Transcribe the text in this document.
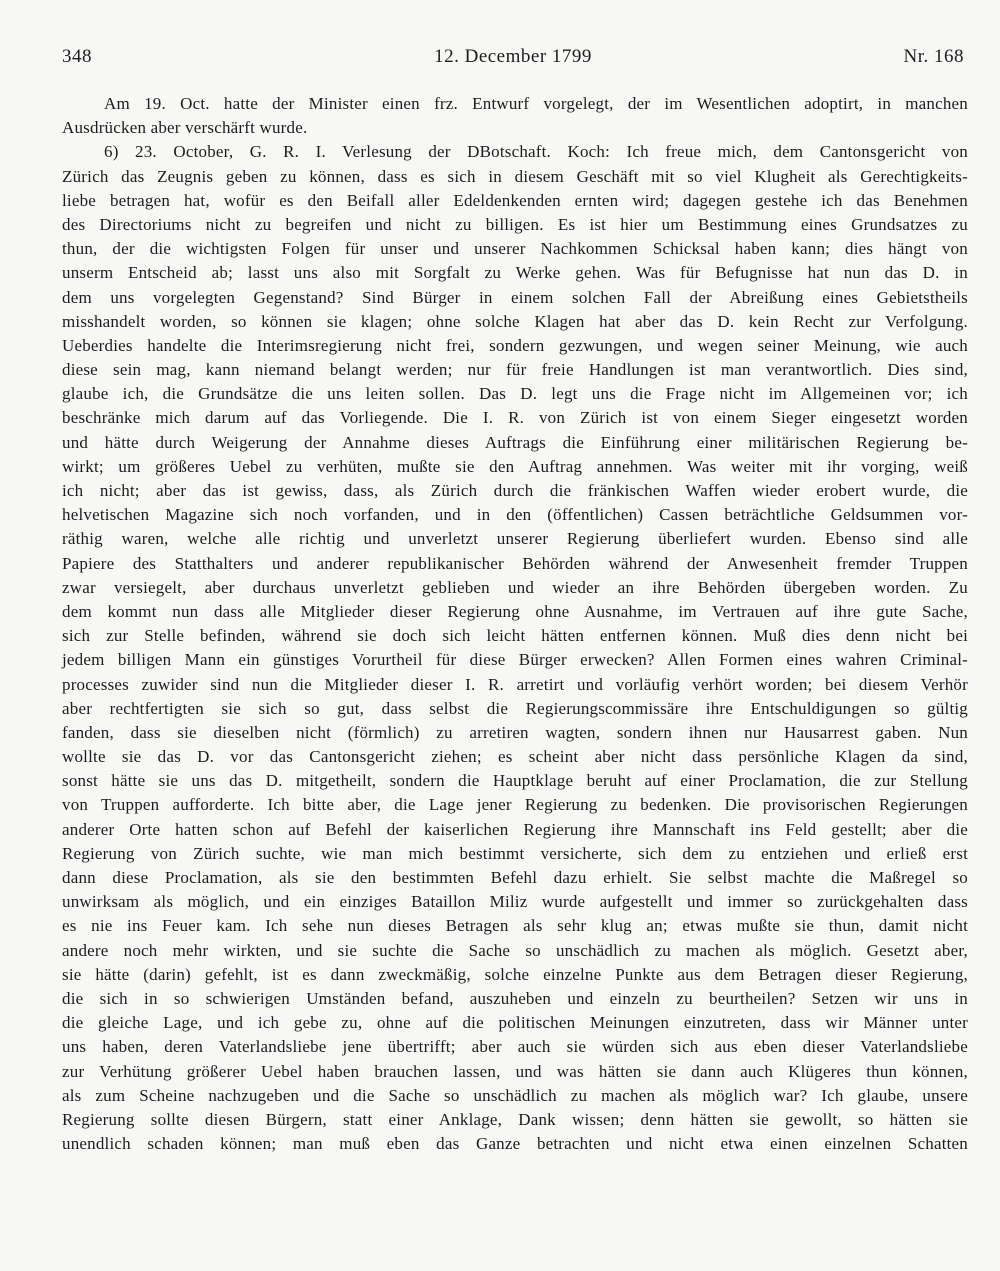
348	12. December 1799	Nr. 168
Am 19. Oct. hatte der Minister einen frz. Entwurf vorgelegt, der im Wesentlichen adoptirt, in manchen
Ausdrücken aber verschärft wurde.
6) 23. October, G. R. I. Verlesung der DBotschaft. Koch: Ich freue mich, dem Cantonsgericht von
Zürich das Zeugnis geben zu können, dass es sich in diesem Geschäft mit so viel Klugheit als Gerechtigkeits-
liebe betragen hat, wofür es den Beifall aller Edeldenkenden ernten wird; dagegen gestehe ich das Benehmen
des Directoriums nicht zu begreifen und nicht zu billigen. Es ist hier um Bestimmung eines Grundsatzes zu
thun, der die wichtigsten Folgen für unser und unserer Nachkommen Schicksal haben kann; dies hängt von
unserm Entscheid ab; lasst uns also mit Sorgfalt zu Werke gehen. Was für Befugnisse hat nun das D. in
dem uns vorgelegten Gegenstand? Sind Bürger in einem solchen Fall der Abreißung eines Gebietstheils
misshandelt worden, so können sie klagen; ohne solche Klagen hat aber das D. kein Recht zur Verfolgung.
Ueberdies handelte die Interimsregierung nicht frei, sondern gezwungen, und wegen seiner Meinung, wie auch
diese sein mag, kann niemand belangt werden; nur für freie Handlungen ist man verantwortlich. Dies sind,
glaube ich, die Grundsätze die uns leiten sollen. Das D. legt uns die Frage nicht im Allgemeinen vor; ich
beschränke mich darum auf das Vorliegende. Die I. R. von Zürich ist von einem Sieger eingesetzt worden
und hätte durch Weigerung der Annahme dieses Auftrags die Einführung einer militärischen Regierung be-
wirkt; um größeres Uebel zu verhüten, mußte sie den Auftrag annehmen. Was weiter mit ihr vorging, weiß
ich nicht; aber das ist gewiss, dass, als Zürich durch die fränkischen Waffen wieder erobert wurde, die
helvetischen Magazine sich noch vorfanden, und in den (öffentlichen) Cassen beträchtliche Geldsummen vor-
räthig waren, welche alle richtig und unverletzt unserer Regierung überliefert wurden. Ebenso sind alle
Papiere des Statthalters und anderer republikanischer Behörden während der Anwesenheit fremder Truppen
zwar versiegelt, aber durchaus unverletzt geblieben und wieder an ihre Behörden übergeben worden. Zu
dem kommt nun dass alle Mitglieder dieser Regierung ohne Ausnahme, im Vertrauen auf ihre gute Sache,
sich zur Stelle befinden, während sie doch sich leicht hätten entfernen können. Muß dies denn nicht bei
jedem billigen Mann ein günstiges Vorurtheil für diese Bürger erwecken? Allen Formen eines wahren Criminal-
processes zuwider sind nun die Mitglieder dieser I. R. arretirt und vorläufig verhört worden; bei diesem Verhör
aber rechtfertigten sie sich so gut, dass selbst die Regierungscommissäre ihre Entschuldigungen so gültig
fanden, dass sie dieselben nicht (förmlich) zu arretiren wagten, sondern ihnen nur Hausarrest gaben. Nun
wollte sie das D. vor das Cantonsgericht ziehen; es scheint aber nicht dass persönliche Klagen da sind,
sonst hätte sie uns das D. mitgetheilt, sondern die Hauptklage beruht auf einer Proclamation, die zur Stellung
von Truppen aufforderte. Ich bitte aber, die Lage jener Regierung zu bedenken. Die provisorischen Regierungen
anderer Orte hatten schon auf Befehl der kaiserlichen Regierung ihre Mannschaft ins Feld gestellt; aber die
Regierung von Zürich suchte, wie man mich bestimmt versicherte, sich dem zu entziehen und erließ erst
dann diese Proclamation, als sie den bestimmten Befehl dazu erhielt. Sie selbst machte die Maßregel so
unwirksam als möglich, und ein einziges Bataillon Miliz wurde aufgestellt und immer so zurückgehalten dass
es nie ins Feuer kam. Ich sehe nun dieses Betragen als sehr klug an; etwas mußte sie thun, damit nicht
andere noch mehr wirkten, und sie suchte die Sache so unschädlich zu machen als möglich. Gesetzt aber,
sie hätte (darin) gefehlt, ist es dann zweckmäßig, solche einzelne Punkte aus dem Betragen dieser Regierung,
die sich in so schwierigen Umständen befand, auszuheben und einzeln zu beurtheilen? Setzen wir uns in
die gleiche Lage, und ich gebe zu, ohne auf die politischen Meinungen einzutreten, dass wir Männer unter
uns haben, deren Vaterlandsliebe jene übertrifft; aber auch sie würden sich aus eben dieser Vaterlandsliebe
zur Verhütung größerer Uebel haben brauchen lassen, und was hätten sie dann auch Klügeres thun können,
als zum Scheine nachzugeben und die Sache so unschädlich zu machen als möglich war? Ich glaube, unsere
Regierung sollte diesen Bürgern, statt einer Anklage, Dank wissen; denn hätten sie gewollt, so hätten sie
unendlich schaden können; man muß eben das Ganze betrachten und nicht etwa einen einzelnen Schatten
